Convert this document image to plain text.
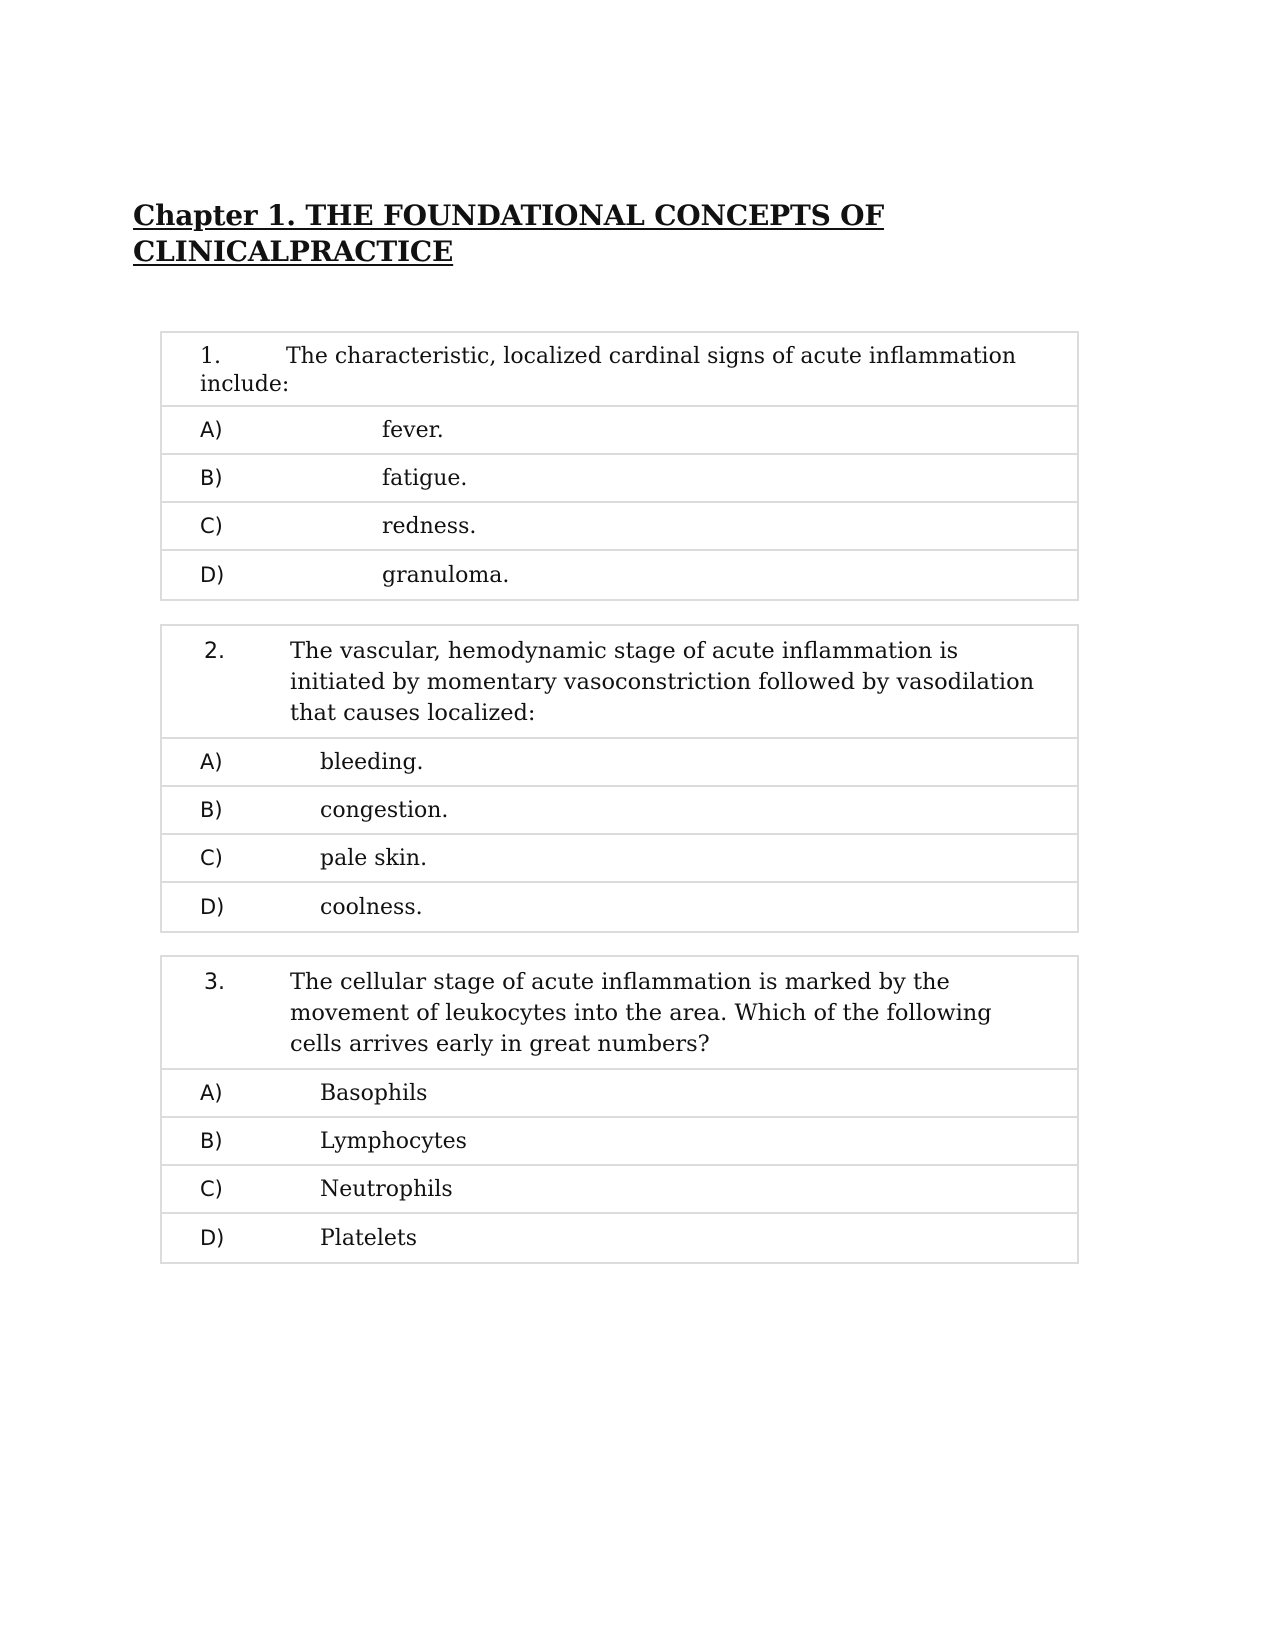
Chapter 1. THE FOUNDATIONAL CONCEPTS OF
CLINICALPRACTICE
1.	The characteristic, localized cardinal signs of acute inflammation
include:
A)	fever.
B)	fatigue.
C)	redness.
D)	granuloma.
2.	The vascular, hemodynamic stage of acute inflammation is initiated by momentary vasoconstriction followed by vasodilation that causes localized:
A)	bleeding.
B)	congestion.
C)	pale skin.
D)	coolness.
3.	The cellular stage of acute inflammation is marked by the movement of leukocytes into the area. Which of the following cells arrives early in great numbers?
A)	Basophils
B)	Lymphocytes
C)	Neutrophils
D)	Platelets
